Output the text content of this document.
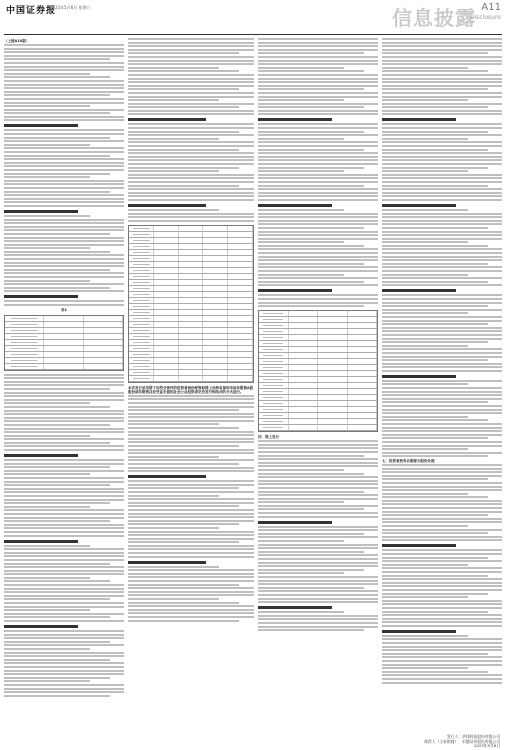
中国证券报
2023年5月6日 星期六	信息披露 A11
Disclosure
（上接A10版）
表1
本次发行采用网下向符合条件的投资者询价配售和网上向持有深圳市场非限售A股股份或非限售存托凭证市值的社会公众投资者定价发行相结合的方式进行。
四、网上发行
七、投资者放弃认购部分股份处理
发行人：华纬科技股份有限公司
保荐人（主承销商）：申港证券股份有限公司
2023年5月6日
